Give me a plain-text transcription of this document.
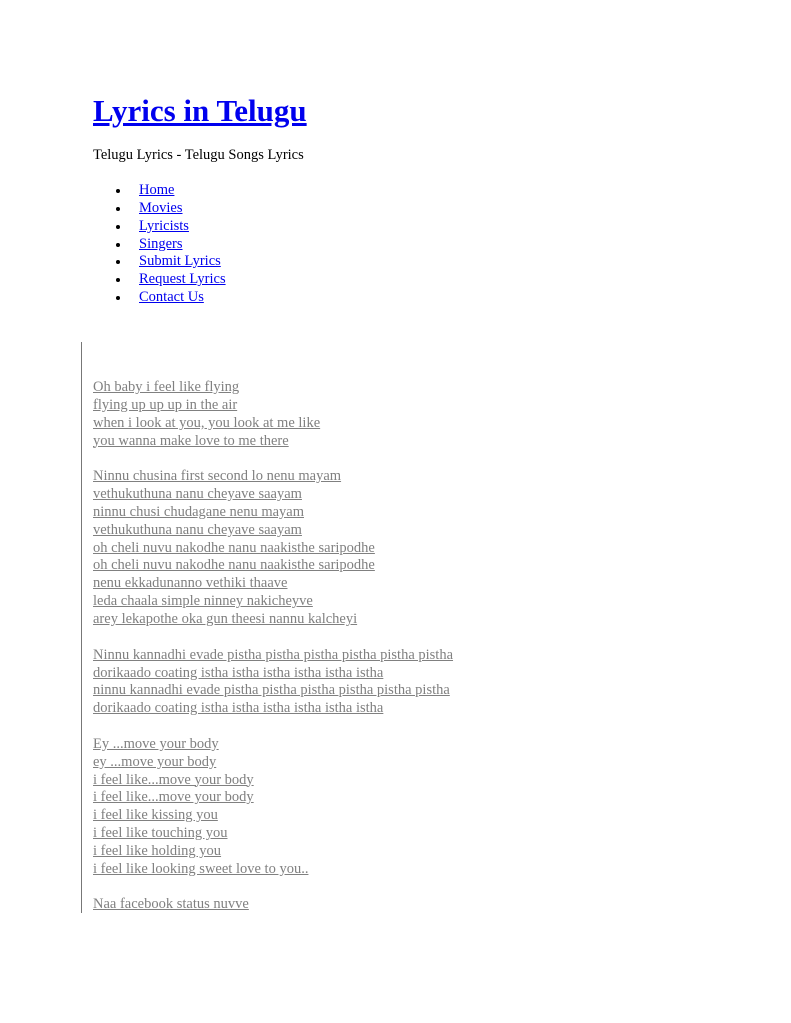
Lyrics in Telugu

Telugu Lyrics - Telugu Songs Lyrics

Home
Movies
Lyricists
Singers
Submit Lyrics
Request Lyrics
Contact Us
Oh baby i feel like flying
flying up up up in the air
when i look at you, you look at me like
you wanna make love to me there
Ninnu chusina first second lo nenu mayam
vethukuthuna nanu cheyave saayam
ninnu chusi chudagane nenu mayam
vethukuthuna nanu cheyave saayam
oh cheli nuvu nakodhe nanu naakisthe saripodhe
oh cheli nuvu nakodhe nanu naakisthe saripodhe
nenu ekkadunanno vethiki thaave
leda chaala simple ninney nakicheyve
arey lekapothe oka gun theesi nannu kalcheyi
Ninnu kannadhi evade pistha pistha pistha pistha pistha pistha
dorikaado coating istha istha istha istha istha istha
ninnu kannadhi evade pistha pistha pistha pistha pistha pistha
dorikaado coating istha istha istha istha istha istha
Ey ...move your body
ey ...move your body
i feel like...move your body
i feel like...move your body
i feel like kissing you
i feel like touching you
i feel like holding you
i feel like looking sweet love to you..
Naa facebook status nuvve
